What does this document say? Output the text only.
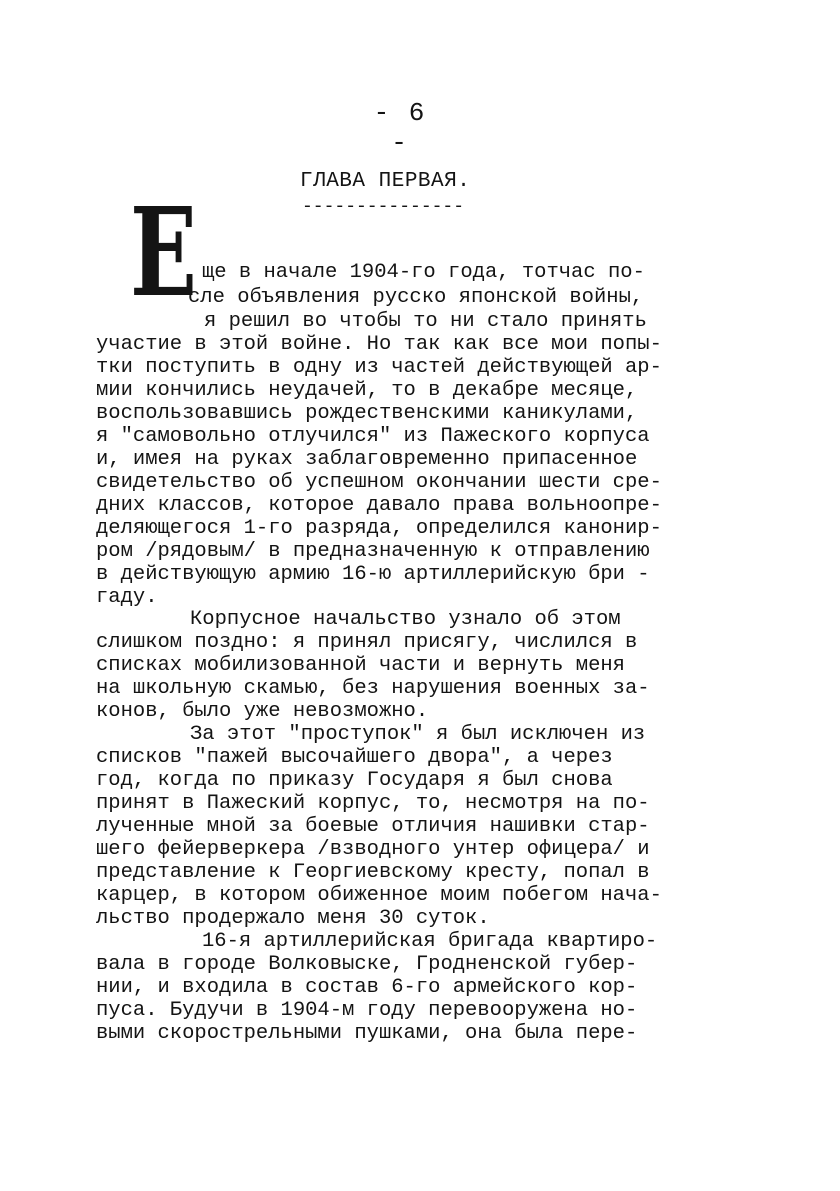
- 6 -
ГЛАВА ПЕРВАЯ.
---------------
Е ще в начале 1904-го года, тотчас по-
сле объявления русско японской войны,
я решил во чтобы то ни стало принять
участие в этой войне. Но так как все мои попы-
тки поступить в одну из частей действующей ар-
мии кончились неудачей, то в декабре месяце,
воспользовавшись рождественскими каникулами,
я "самовольно отлучился" из Пажеского корпуса
и, имея на руках заблаговременно припасенное
свидетельство об успешном окончании шести сре-
дних классов, которое давало права вольноопре-
деляющегося 1-го разряда, определился канонир-
ром /рядовым/ в предназначенную к отправлению
в действующую армию 16-ю артиллерийскую бри -
гаду.
Корпусное начальство узнало об этом
слишком поздно: я принял присягу, числился в
списках мобилизованной части и вернуть меня
на школьную скамью, без нарушения военных за-
конов, было уже невозможно.
За этот "проступок" я был исключен из
списков "пажей высочайшего двора", а через
год, когда по приказу Государя я был снова
принят в Пажеский корпус, то, несмотря на по-
лученные мной за боевые отличия нашивки стар-
шего фейерверкера /взводного унтер офицера/ и
представление к Георгиевскому кресту, попал в
карцер, в котором обиженное моим побегом нача-
льство продержало меня 30 суток.
16-я артиллерийская бригада квартиро-
вала в городе Волковыске, Гродненской губер-
нии, и входила в состав 6-го армейского кор-
пуса. Будучи в 1904-м году перевооружена но-
выми скорострельными пушками, она была пере-
